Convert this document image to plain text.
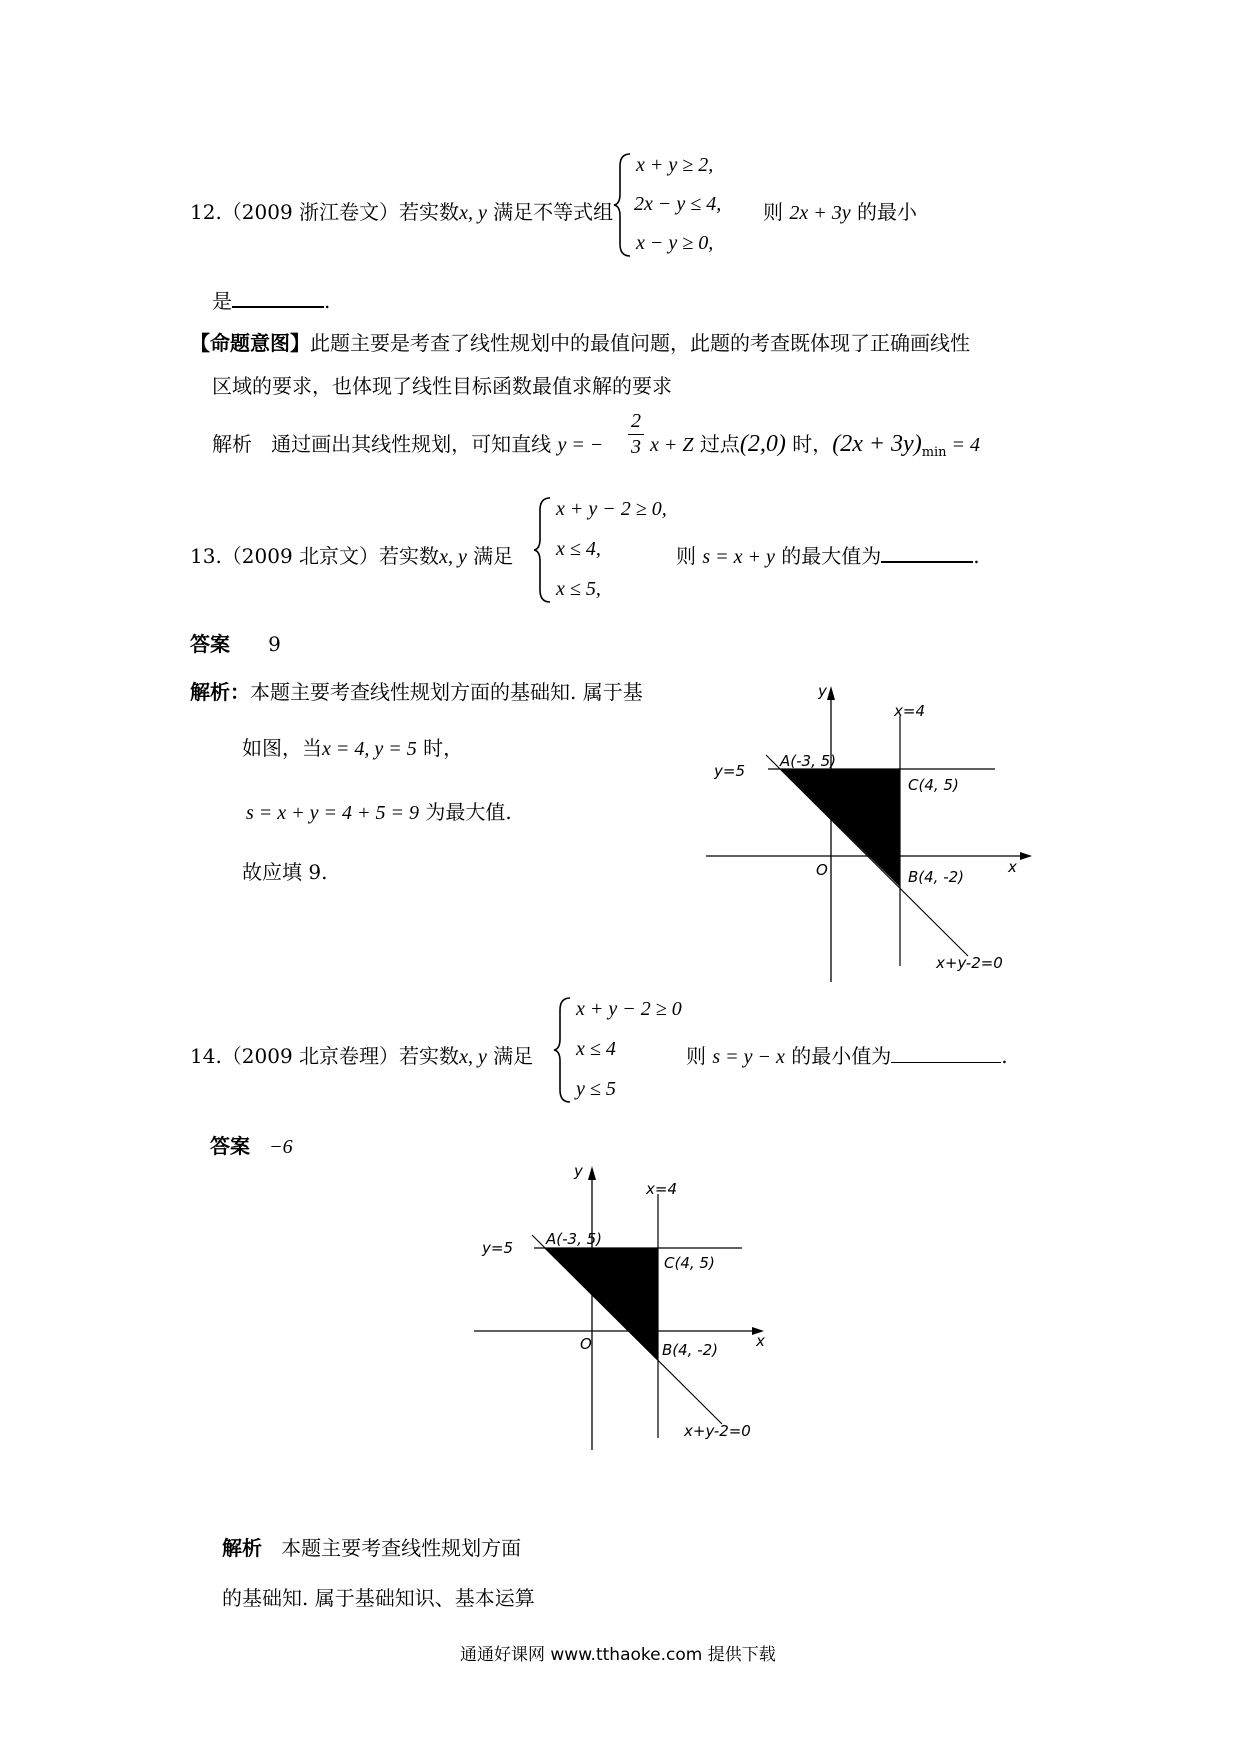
12.（2009 浙江卷文）若实数x, y 满足不等式组
x + y ≥ 2,
2x − y ≤ 4,
x − y ≥ 0,
则 2x + 3y 的最小
是	.
【命题意图】此题主要是考查了线性规划中的最值问题，此题的考查既体现了正确画线性
区域的要求，也体现了线性目标函数最值求解的要求
解析 通过画出其线性规划，可知直线 y = −
2
3 x + Z 过点(2,0) 时，$(2x + 3y)_{min} = 4$
13.（2009 北京文）若实数x, y 满足
x + y − 2 ≥ 0,
x ≤ 4,
x ≤ 5,
则 s = x + y 的最大值为	.
答案 9
解析：本题主要考查线性规划方面的基础知. 属于基
如图，当x = 4, y = 5 时，
s = x + y = 4 + 5 = 9 为最大值.
故应填 9.
y
x
O
x=4
y=5
A(-3, 5)
C(4, 5)
B(4, -2)
x+y-2=0
14.（2009 北京卷理）若实数x, y 满足
x + y − 2 ≥ 0
x ≤ 4
y ≤ 5
则 s = y − x 的最小值为	.
答案 −6
y
x
O
x=4
y=5 A(-3, 5)
C(4, 5)
B(4, -2)
x+y-2=0
解析 本题主要考查线性规划方面
的基础知. 属于基础知识、基本运算
通通好课网 www.tthaoke.com 提供下载
